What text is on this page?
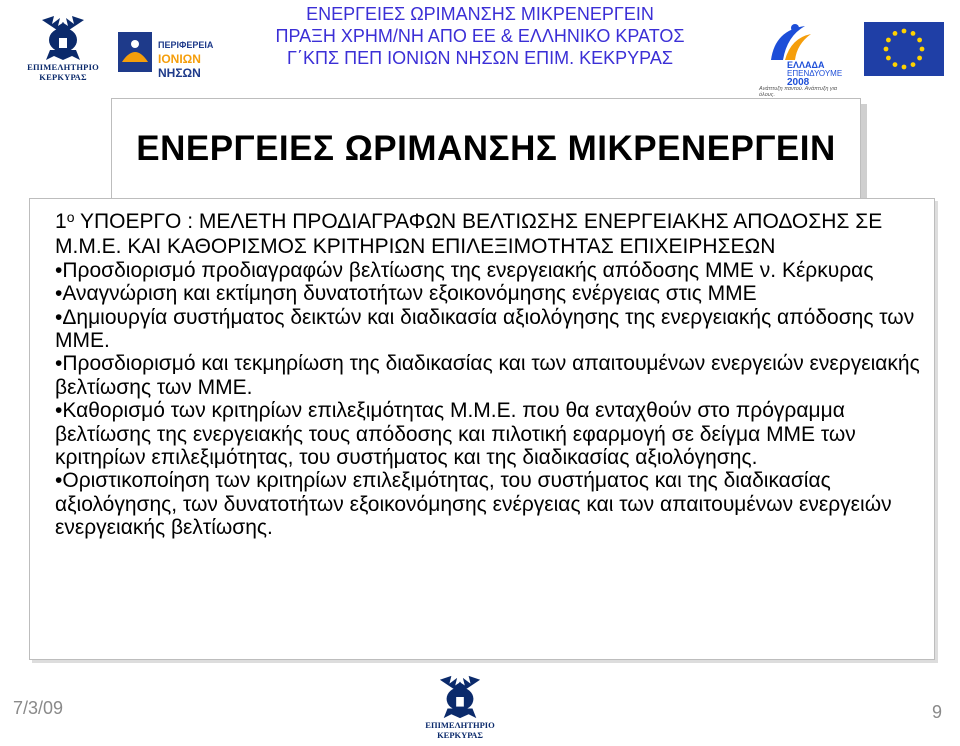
ΕΠΙΜΕΛΗΤΗΡΙΟ
ΚΕΡΚΥΡΑΣ
ΠΕΡΙΦΕΡΕΙΑ
ΙΟΝΙΩΝ
ΝΗΣΩΝ
ΕΝΕΡΓΕΙΕΣ ΩΡΙΜΑΝΣΗΣ ΜΙΚΡΕΝΕΡΓΕΙΝ
ΠΡΑΞΗ ΧΡΗΜ/ΝΗ ΑΠΟ ΕΕ & ΕΛΛΗΝΙΚΟ ΚΡΑΤΟΣ
Γ΄ΚΠΣ ΠΕΠ ΙΟΝΙΩΝ ΝΗΣΩΝ ΕΠΙΜ. ΚΕΚΡΥΡΑΣ	ΕΛΛΑΔΑ
ΕΠΕΝΔΥΟΥΜΕ
2008
Ανάπτυξη παντού. Ανάπτυξη για όλους.
ΕΝΕΡΓΕΙΕΣ ΩΡΙΜΑΝΣΗΣ ΜΙΚΡΕΝΕΡΓΕΙΝ

$1^o$ ΥΠΟΕΡΓΟ : ΜΕΛΕΤΗ ΠΡΟΔΙΑΓΡΑΦΩΝ ΒΕΛΤΙΩΣΗΣ ΕΝΕΡΓΕΙΑΚΗΣ ΑΠΟΔΟΣΗΣ ΣΕ Μ.Μ.Ε. ΚΑΙ ΚΑΘΟΡΙΣΜΟΣ ΚΡΙΤΗΡΙΩΝ ΕΠΙΛΕΞΙΜΟΤΗΤΑΣ ΕΠΙΧΕΙΡΗΣΕΩΝ

•Προσδιορισμό προδιαγραφών βελτίωσης της ενεργειακής απόδοσης ΜΜΕ ν. Κέρκυρας

•Αναγνώριση και εκτίμηση δυνατοτήτων εξοικονόμησης ενέργειας στις ΜΜΕ

•Δημιουργία συστήματος δεικτών και διαδικασία αξιολόγησης της ενεργειακής απόδοσης των ΜΜΕ.

•Προσδιορισμό και τεκμηρίωση της διαδικασίας και των απαιτουμένων ενεργειών ενεργειακής βελτίωσης των ΜΜΕ.

•Καθορισμό των κριτηρίων επιλεξιμότητας Μ.Μ.Ε. που θα ενταχθούν στο πρόγραμμα βελτίωσης της ενεργειακής τους απόδοσης και πιλοτική εφαρμογή σε δείγμα ΜΜΕ των κριτηρίων επιλεξιμότητας, του συστήματος και της διαδικασίας αξιολόγησης.

•Οριστικοποίηση των κριτηρίων επιλεξιμότητας, του συστήματος και της διαδικασίας αξιολόγησης, των δυνατοτήτων εξοικονόμησης ενέργειας και των απαιτουμένων ενεργειών ενεργειακής βελτίωσης.

7/3/09
ΕΠΙΜΕΛΗΤΗΡΙΟ
ΚΕΡΚΥΡΑΣ
9
